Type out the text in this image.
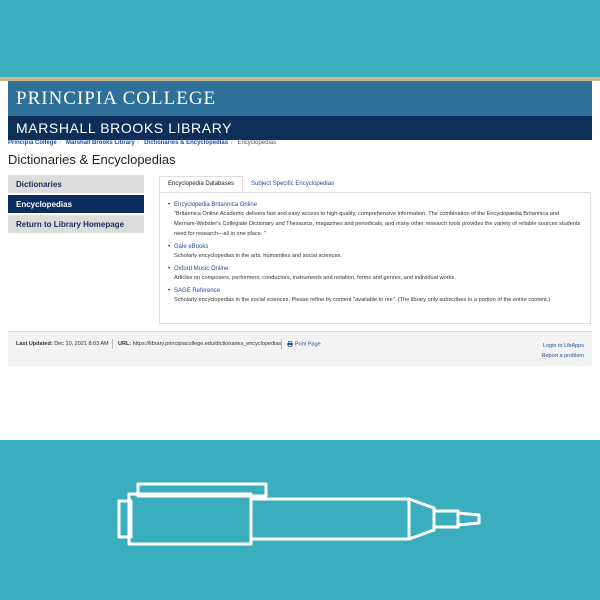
PRINCIPIA COLLEGE
MARSHALL BROOKS LIBRARY
Principia College / Marshall Brooks Library / Dictionaries & Encyclopedias / Encyclopedias
Dictionaries & Encyclopedias
Dictionaries
Encyclopedias
Return to Library Homepage
Encyclopedia Databases	Subject Specific Encyclopedias
• Encyclopedia Britannica Online
"Britannica Online Academic delivers fast and easy access to high-quality, comprehensive information. The combination of the Encyclopædia Britannica and Merriam-Webster's Collegiate Dictionary and Thesaurus, magazines and periodicals, and many other research tools provides the variety of reliable sources students need for research—all in one place. "
• Gale eBooks
Scholarly encyclopedias in the arts, humanities and social sciences.
• Oxford Music Online
Articles on composers, performers, conductors, instruments and notation, forms and genres, and individual works.
• SAGE Reference
Scholarly encyclopedias in the social sciences. Please refine by content "available to me". (The library only subscribes to a portion of the entire content.)
Last Updated: Dec 10, 2021 8:03 AM URL: https://library.principiacollege.edu/dictionaries_encyclopedias	Print Page	Login to LibApps
Report a problem
